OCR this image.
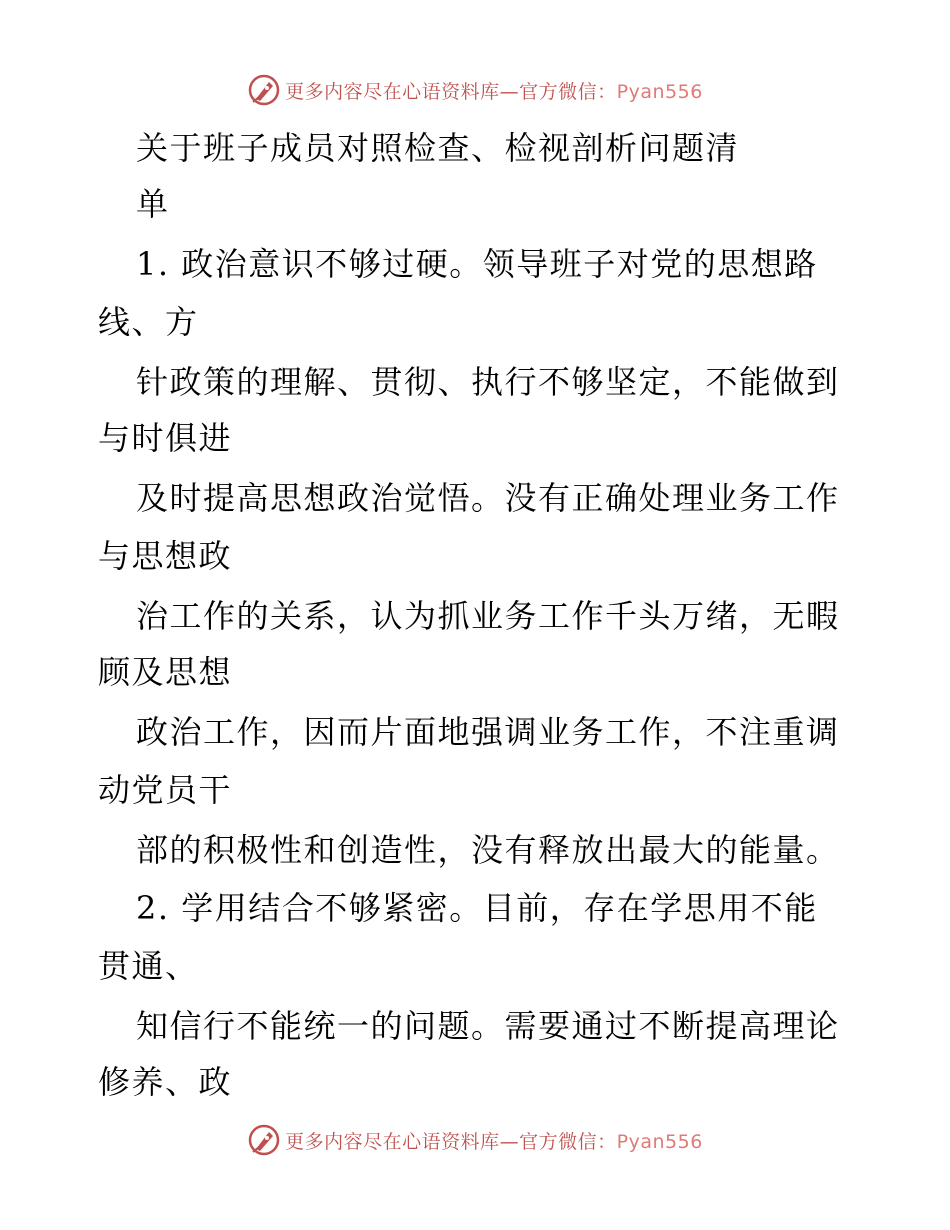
更多内容尽在心语资料库—官方微信：Pyan556
关于班子成员对照检查、检视剖析问题清
单
1. 政治意识不够过硬。领导班子对党的思想路
线、方
针政策的理解、贯彻、执行不够坚定，不能做到
与时俱进
及时提高思想政治觉悟。没有正确处理业务工作
与思想政
治工作的关系，认为抓业务工作千头万绪，无暇
顾及思想
政治工作，因而片面地强调业务工作，不注重调
动党员干
部的积极性和创造性，没有释放出最大的能量。
2. 学用结合不够紧密。目前，存在学思用不能
贯通、
知信行不能统一的问题。需要通过不断提高理论
修养、政
更多内容尽在心语资料库—官方微信：Pyan556
